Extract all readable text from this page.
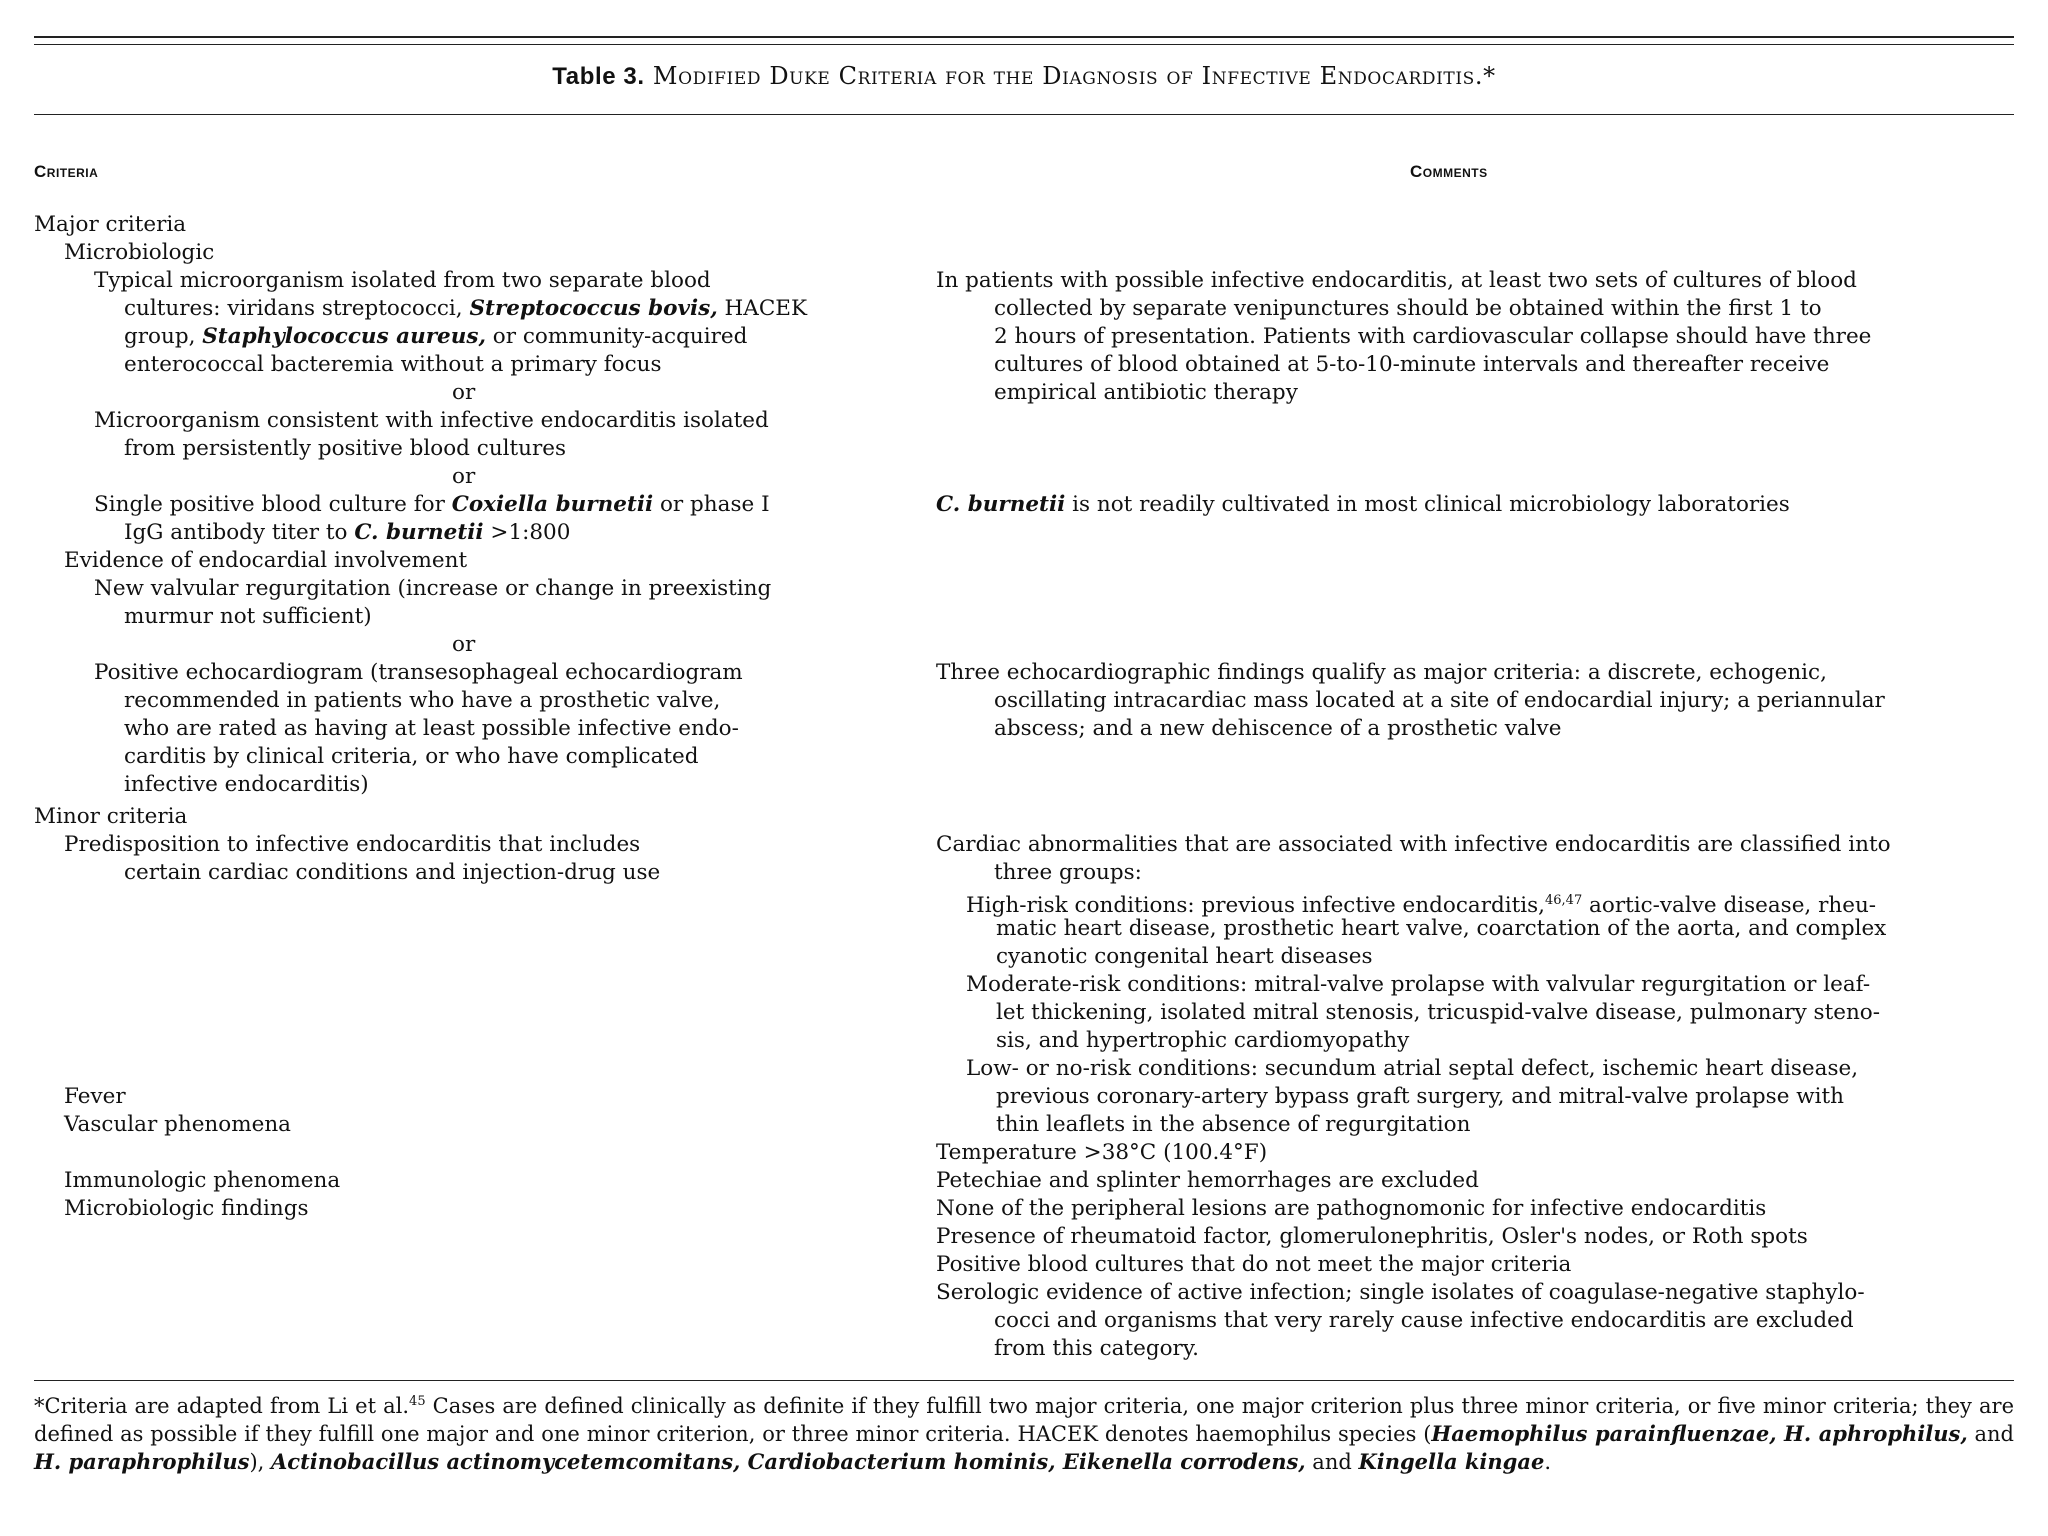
Table 3. Modified Duke Criteria for the Diagnosis of Infective Endocarditis.*
Criteria	Comments
Major criteria
Microbiologic
Typical microorganism isolated from two separate blood
cultures: viridans streptococci, Streptococcus bovis, HACEK
group, Staphylococcus aureus, or community-acquired
enterococcal bacteremia without a primary focus
or
Microorganism consistent with infective endocarditis isolated
from persistently positive blood cultures
or
Single positive blood culture for Coxiella burnetii or phase I
IgG antibody titer to C. burnetii >1:800
Evidence of endocardial involvement
New valvular regurgitation (increase or change in preexisting
murmur not sufficient)
or
Positive echocardiogram (transesophageal echocardiogram
recommended in patients who have a prosthetic valve,
who are rated as having at least possible infective endo-
carditis by clinical criteria, or who have complicated
infective endocarditis)
Minor criteria
Predisposition to infective endocarditis that includes
certain cardiac conditions and injection-drug use
Fever
Vascular phenomena
Immunologic phenomena
Microbiologic findings
In patients with possible infective endocarditis, at least two sets of cultures of blood
collected by separate venipunctures should be obtained within the first 1 to
2 hours of presentation. Patients with cardiovascular collapse should have three
cultures of blood obtained at 5-to-10-minute intervals and thereafter receive
empirical antibiotic therapy
C. burnetii is not readily cultivated in most clinical microbiology laboratories
Three echocardiographic findings qualify as major criteria: a discrete, echogenic,
oscillating intracardiac mass located at a site of endocardial injury; a periannular
abscess; and a new dehiscence of a prosthetic valve
Cardiac abnormalities that are associated with infective endocarditis are classified into
three groups:
High-risk conditions: previous infective endocarditis,$^{46,47}$ aortic-valve disease, rheu-
matic heart disease, prosthetic heart valve, coarctation of the aorta, and complex
cyanotic congenital heart diseases
Moderate-risk conditions: mitral-valve prolapse with valvular regurgitation or leaf-
let thickening, isolated mitral stenosis, tricuspid-valve disease, pulmonary steno-
sis, and hypertrophic cardiomyopathy
Low- or no-risk conditions: secundum atrial septal defect, ischemic heart disease,
previous coronary-artery bypass graft surgery, and mitral-valve prolapse with
thin leaflets in the absence of regurgitation
Temperature >38°C (100.4°F)
Petechiae and splinter hemorrhages are excluded
None of the peripheral lesions are pathognomonic for infective endocarditis
Presence of rheumatoid factor, glomerulonephritis, Osler's nodes, or Roth spots
Positive blood cultures that do not meet the major criteria
Serologic evidence of active infection; single isolates of coagulase-negative staphylo-
cocci and organisms that very rarely cause infective endocarditis are excluded
from this category.
*Criteria are adapted from Li et al.$^{45}$ Cases are defined clinically as definite if they fulfill two major criteria, one major criterion plus three minor criteria, or five minor criteria; they are defined as possible if they fulfill one major and one minor criterion, or three minor criteria. HACEK denotes haemophilus species (Haemophilus parainfluenzae, H. aphrophilus, and H. paraphrophilus), Actinobacillus actinomycetemcomitans, Cardiobacterium hominis, Eikenella corrodens, and Kingella kingae.
